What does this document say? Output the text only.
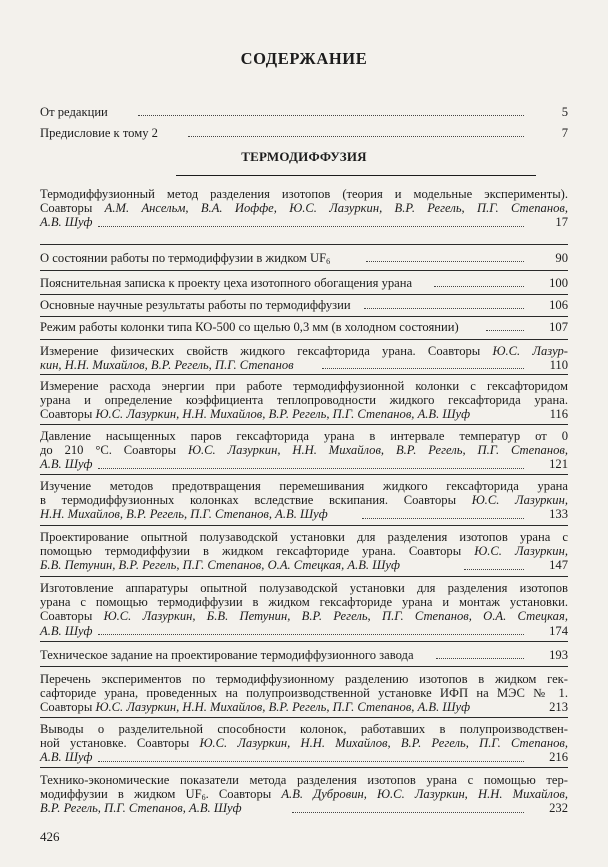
СОДЕРЖАНИЕ
От редакции	5
Предисловие к тому 2	7
ТЕРМОДИФФУЗИЯ
Термодиффузионный метод разделения изотопов (теория и модельные эксперименты).
Соавторы А.М. Ансельм, В.А. Иоффе, Ю.С. Лазуркин, В.Р. Регель, П.Г. Степанов,
А.В. Шуф	17
О состоянии работы по термодиффузии в жидком $UF_6$	90
Пояснительная записка к проекту цеха изотопного обогащения урана	100
Основные научные результаты работы по термодиффузии	106
Режим работы колонки типа КО-500 со щелью 0,3 мм (в холодном состоянии)	107
Измерение физических свойств жидкого гексафторида урана. Соавторы Ю.С. Лазур-
кин, Н.Н. Михайлов, В.Р. Регель, П.Г. Степанов	110
Измерение расхода энергии при работе термодиффузионной колонки с гексафторидом
урана и определение коэффициента теплопроводности жидкого гексафторида урана.
Соавторы Ю.С. Лазуркин, Н.Н. Михайлов, В.Р. Регель, П.Г. Степанов, А.В. Шуф	116
Давление насыщенных паров гексафторида урана в интервале температур от 0
до 210 °С. Соавторы Ю.С. Лазуркин, Н.Н. Михайлов, В.Р. Регель, П.Г. Степанов,
А.В. Шуф	121
Изучение методов предотвращения перемешивания жидкого гексафторида урана
в термодиффузионных колонках вследствие вскипания. Соавторы Ю.С. Лазуркин,
Н.Н. Михайлов, В.Р. Регель, П.Г. Степанов, А.В. Шуф	133
Проектирование опытной полузаводской установки для разделения изотопов урана с
помощью термодиффузии в жидком гексафториде урана. Соавторы Ю.С. Лазуркин,
Б.В. Петунин, В.Р. Регель, П.Г. Степанов, О.А. Стецкая, А.В. Шуф	147
Изготовление аппаратуры опытной полузаводской установки для разделения изотопов
урана с помощью термодиффузии в жидком гексафториде урана и монтаж установки.
Соавторы Ю.С. Лазуркин, Б.В. Петунин, В.Р. Регель, П.Г. Степанов, О.А. Стецкая,
А.В. Шуф	174
Техническое задание на проектирование термодиффузионного завода	193
Перечень экспериментов по термодиффузионному разделению изотопов в жидком гек-
сафториде урана, проведенных на полупроизводственной установке ИФП на МЭС № 1.
Соавторы Ю.С. Лазуркин, Н.Н. Михайлов, В.Р. Регель, П.Г. Степанов, А.В. Шуф	213
Выводы о разделительной способности колонок, работавших в полупроизводствен-
ной установке. Соавторы Ю.С. Лазуркин, Н.Н. Михайлов, В.Р. Регель, П.Г. Степанов,
А.В. Шуф	216
Технико-экономические показатели метода разделения изотопов урана с помощью тер-
модиффузии в жидком $UF_6$. Соавторы А.В. Дубровин, Ю.С. Лазуркин, Н.Н. Михайлов,
В.Р. Регель, П.Г. Степанов, А.В. Шуф	232
426
